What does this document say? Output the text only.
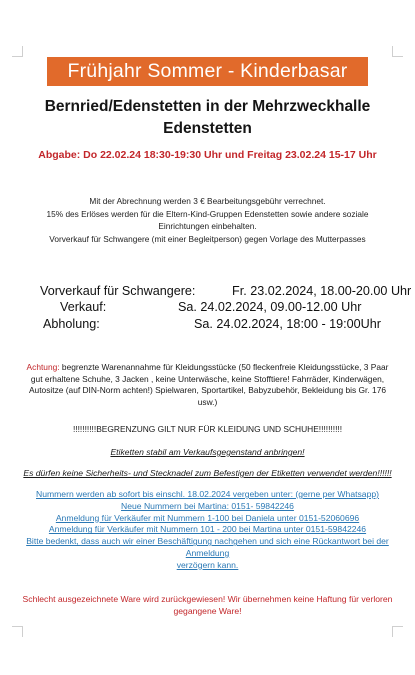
Frühjahr Sommer - Kinderbasar
Bernried/Edenstetten in der Mehrzweckhalle
Edenstetten
Abgabe: Do 22.02.24 18:30-19:30 Uhr und Freitag 23.02.24 15-17 Uhr
Mit der Abrechnung werden 3 € Bearbeitungsgebühr verrechnet.
15% des Erlöses werden für die Eltern-Kind-Gruppen Edenstetten sowie andere soziale
Einrichtungen einbehalten.
Vorverkauf für Schwangere (mit einer Begleitperson) gegen Vorlage des Mutterpasses
Vorverkauf für Schwangere:	Fr. 23.02.2024, 18.00-20.00 Uhr
Verkauf:	Sa. 24.02.2024, 09.00-12.00 Uhr
Abholung:	Sa. 24.02.2024, 18:00 - 19:00Uhr
Achtung: begrenzte Warenannahme für Kleidungsstücke (50 fleckenfreie Kleidungsstücke, 3 Paar gut erhaltene Schuhe, 3 Jacken , keine Unterwäsche, keine Stofftiere! Fahrräder, Kinderwägen, Autositze (auf DIN-Norm achten!) Spielwaren, Sportartikel, Babyzubehör, Bekleidung bis Gr. 176 usw.)
!!!!!!!!!!BEGRENZUNG GILT NUR FÜR KLEIDUNG UND SCHUHE!!!!!!!!!!
Etiketten stabil am Verkaufsgegenstand anbringen!
Es dürfen keine Sicherheits- und Stecknadel zum Befestigen der Etiketten verwendet werden!!!!!!
Nummern werden ab sofort bis einschl. 18.02.2024 vergeben unter: (gerne per Whatsapp)
Neue Nummern bei Martina: 0151- 59842246
Anmeldung für Verkäufer mit Nummern 1-100 bei Daniela unter 0151-52060696
Anmeldung für Verkäufer mit Nummern 101 - 200 bei Martina unter 0151-59842246
Bitte bedenkt, dass auch wir einer Beschäftigung nachgehen und sich eine Rückantwort bei der
Anmeldung
verzögern kann.
Schlecht ausgezeichnete Ware wird zurückgewiesen! Wir übernehmen keine Haftung für verloren gegangene Ware!
